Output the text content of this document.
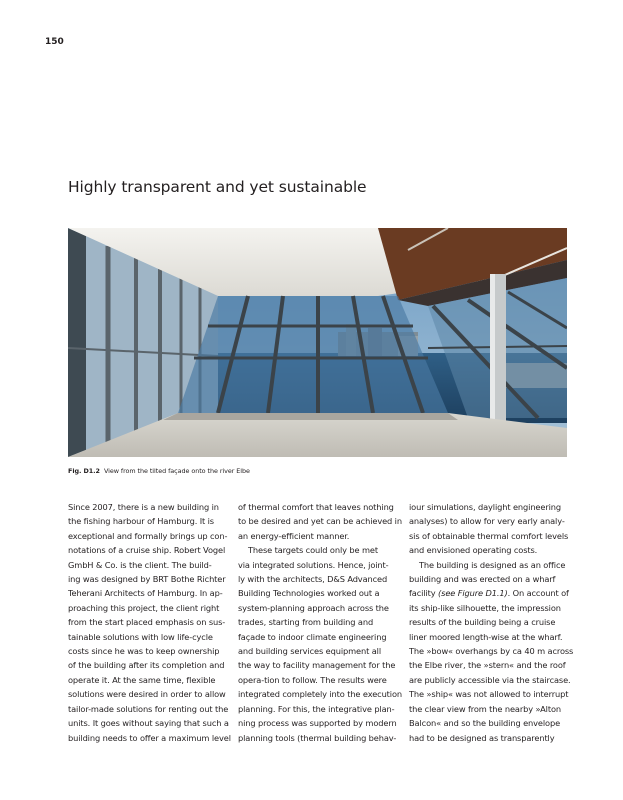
150
Highly transparent and yet sustainable
Fig. D1.2 View from the tilted façade onto the river Elbe
Since 2007, there is a new building in
the fishing harbour of Hamburg. It is
exceptional and formally brings up con-
notations of a cruise ship. Robert Vogel
GmbH & Co. is the client. The build-
ing was designed by BRT Bothe Richter
Teherani Architects of Hamburg. In ap-
proaching this project, the client right
from the start placed emphasis on sus-
tainable solutions with low life-cycle
costs since he was to keep ownership
of the building after its completion and
operate it. At the same time, flexible
solutions were desired in order to allow
tailor-made solutions for renting out the
units. It goes without saying that such a
building needs to offer a maximum level
of thermal comfort that leaves nothing
to be desired and yet can be achieved in
an energy-efficient manner.
These targets could only be met
via integrated solutions. Hence, joint-
ly with the architects, D&S Advanced
Building Technologies worked out a
system-planning approach across the
trades, starting from building and
façade to indoor climate engineering
and building services equipment all
the way to facility management for the
opera-tion to follow. The results were
integrated completely into the execution
planning. For this, the integrative plan-
ning process was supported by modern
planning tools (thermal building behav-
iour simulations, daylight engineering
analyses) to allow for very early analy-
sis of obtainable thermal comfort levels
and envisioned operating costs.
The building is designed as an office
building and was erected on a wharf
facility (see Figure D1.1). On account of
its ship-like silhouette, the impression
results of the building being a cruise
liner moored length-wise at the wharf.
The »bow« overhangs by ca 40 m across
the Elbe river, the »stern« and the roof
are publicly accessible via the staircase.
The »ship« was not allowed to interrupt
the clear view from the nearby »Alton
Balcon« and so the building envelope
had to be designed as transparently
